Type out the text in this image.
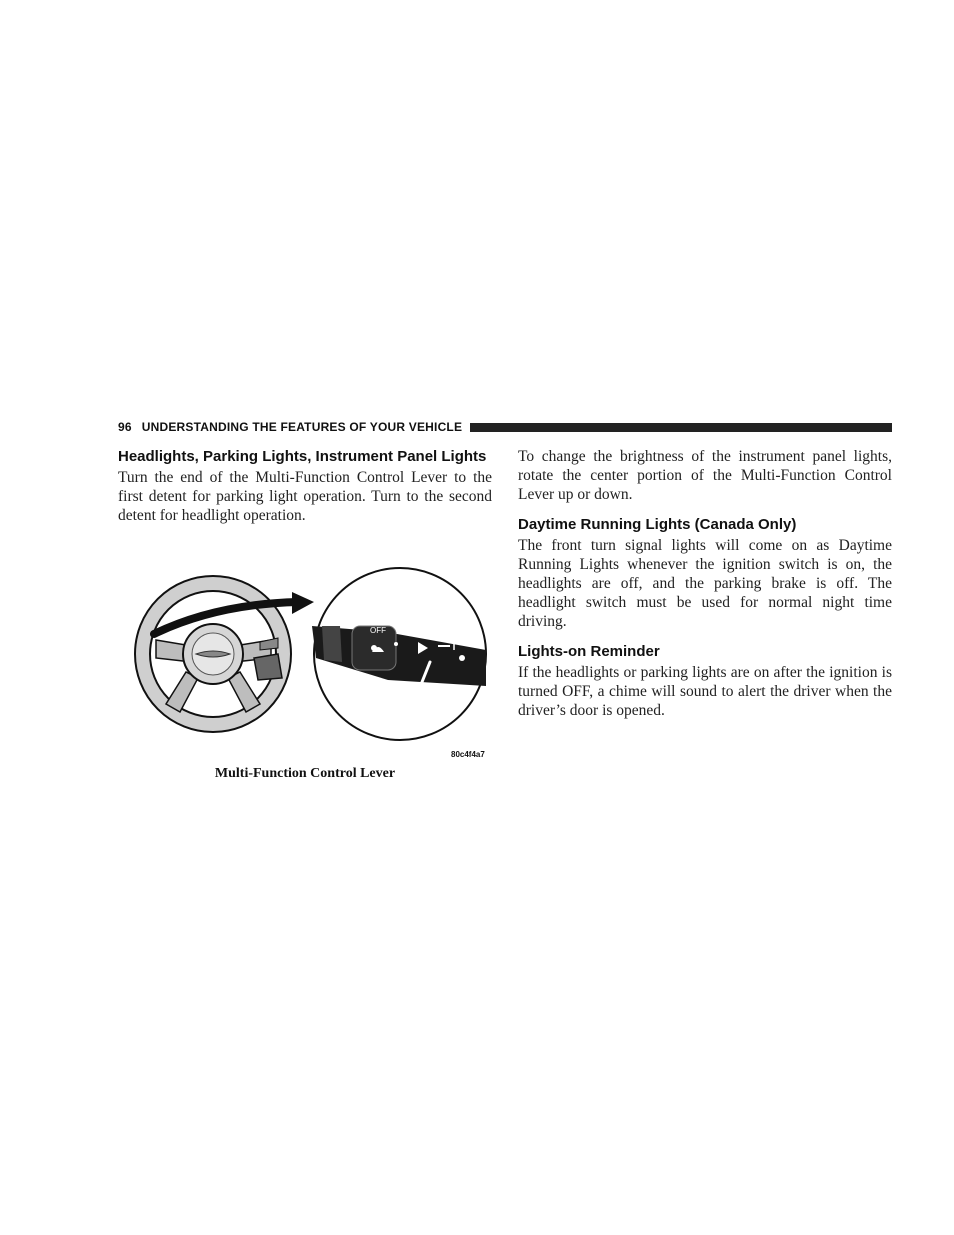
96 UNDERSTANDING THE FEATURES OF YOUR VEHICLE
Headlights, Parking Lights, Instrument Panel Lights

Turn the end of the Multi-Function Control Lever to the first detent for parking light operation. Turn to the second detent for headlight operation.

OFF
80c4f4a7
Multi-Function Control Lever

To change the brightness of the instrument panel lights, rotate the center portion of the Multi-Function Control Lever up or down.

Daytime Running Lights (Canada Only)

The front turn signal lights will come on as Daytime Running Lights whenever the ignition switch is on, the headlights are off, and the parking brake is off. The headlight switch must be used for normal night time driving.

Lights-on Reminder

If the headlights or parking lights are on after the ignition is turned OFF, a chime will sound to alert the driver when the driver’s door is opened.
